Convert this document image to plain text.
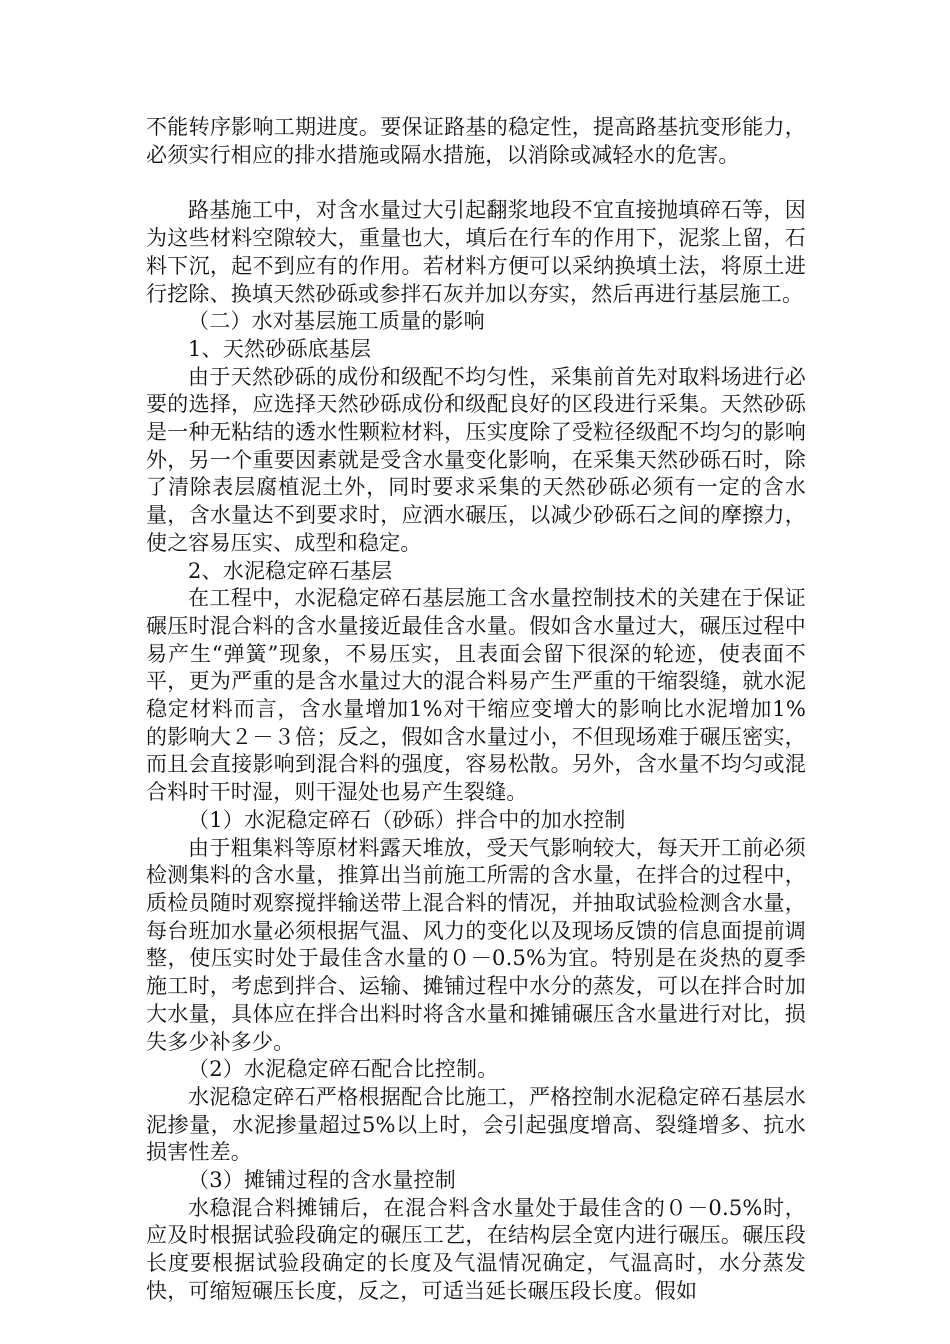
不能转序影响工期进度。要保证路基的稳定性，提高路基抗变形能力，必须实行相应的排水措施或隔水措施，以消除或减轻水的危害。

路基施工中，对含水量过大引起翻浆地段不宜直接抛填碎石等，因为这些材料空隙较大，重量也大，填后在行车的作用下，泥浆上留，石料下沉，起不到应有的作用。若材料方便可以采纳换填土法，将原土进行挖除、换填天然砂砾或参拌石灰并加以夯实，然后再进行基层施工。

（二）水对基层施工质量的影响

1、天然砂砾底基层

由于天然砂砾的成份和级配不均匀性，采集前首先对取料场进行必要的选择，应选择天然砂砾成份和级配良好的区段进行采集。天然砂砾是一种无粘结的透水性颗粒材料，压实度除了受粒径级配不均匀的影响外，另一个重要因素就是受含水量变化影响，在采集天然砂砾石时，除了清除表层腐植泥土外，同时要求采集的天然砂砾必须有一定的含水量，含水量达不到要求时，应洒水碾压，以减少砂砾石之间的摩擦力，使之容易压实、成型和稳定。

2、水泥稳定碎石基层

在工程中，水泥稳定碎石基层施工含水量控制技术的关建在于保证碾压时混合料的含水量接近最佳含水量。假如含水量过大，碾压过程中易产生“弹簧”现象，不易压实，且表面会留下很深的轮迹，使表面不平，更为严重的是含水量过大的混合料易产生严重的干缩裂缝，就水泥稳定材料而言，含水量增加1%对干缩应变增大的影响比水泥增加1%的影响大２－３倍；反之，假如含水量过小，不但现场难于碾压密实，而且会直接影响到混合料的强度，容易松散。另外，含水量不均匀或混合料时干时湿，则干湿处也易产生裂缝。

（1）水泥稳定碎石（砂砾）拌合中的加水控制

由于粗集料等原材料露天堆放，受天气影响较大，每天开工前必须检测集料的含水量，推算出当前施工所需的含水量，在拌合的过程中，质检员随时观察搅拌输送带上混合料的情况，并抽取试验检测含水量，每台班加水量必须根据气温、风力的变化以及现场反馈的信息面提前调整，使压实时处于最佳含水量的０－0.5%为宜。特别是在炎热的夏季施工时，考虑到拌合、运输、摊铺过程中水分的蒸发，可以在拌合时加大水量，具体应在拌合出料时将含水量和摊铺碾压含水量进行对比，损失多少补多少。

（2）水泥稳定碎石配合比控制。

水泥稳定碎石严格根据配合比施工，严格控制水泥稳定碎石基层水泥掺量，水泥掺量超过5%以上时，会引起强度增高、裂缝增多、抗水损害性差。

（3）摊铺过程的含水量控制

水稳混合料摊铺后，在混合料含水量处于最佳含的０－0.5%时，应及时根据试验段确定的碾压工艺，在结构层全宽内进行碾压。碾压段长度要根据试验段确定的长度及气温情况确定，气温高时，水分蒸发快，可缩短碾压长度，反之，可适当延长碾压段长度。假如
